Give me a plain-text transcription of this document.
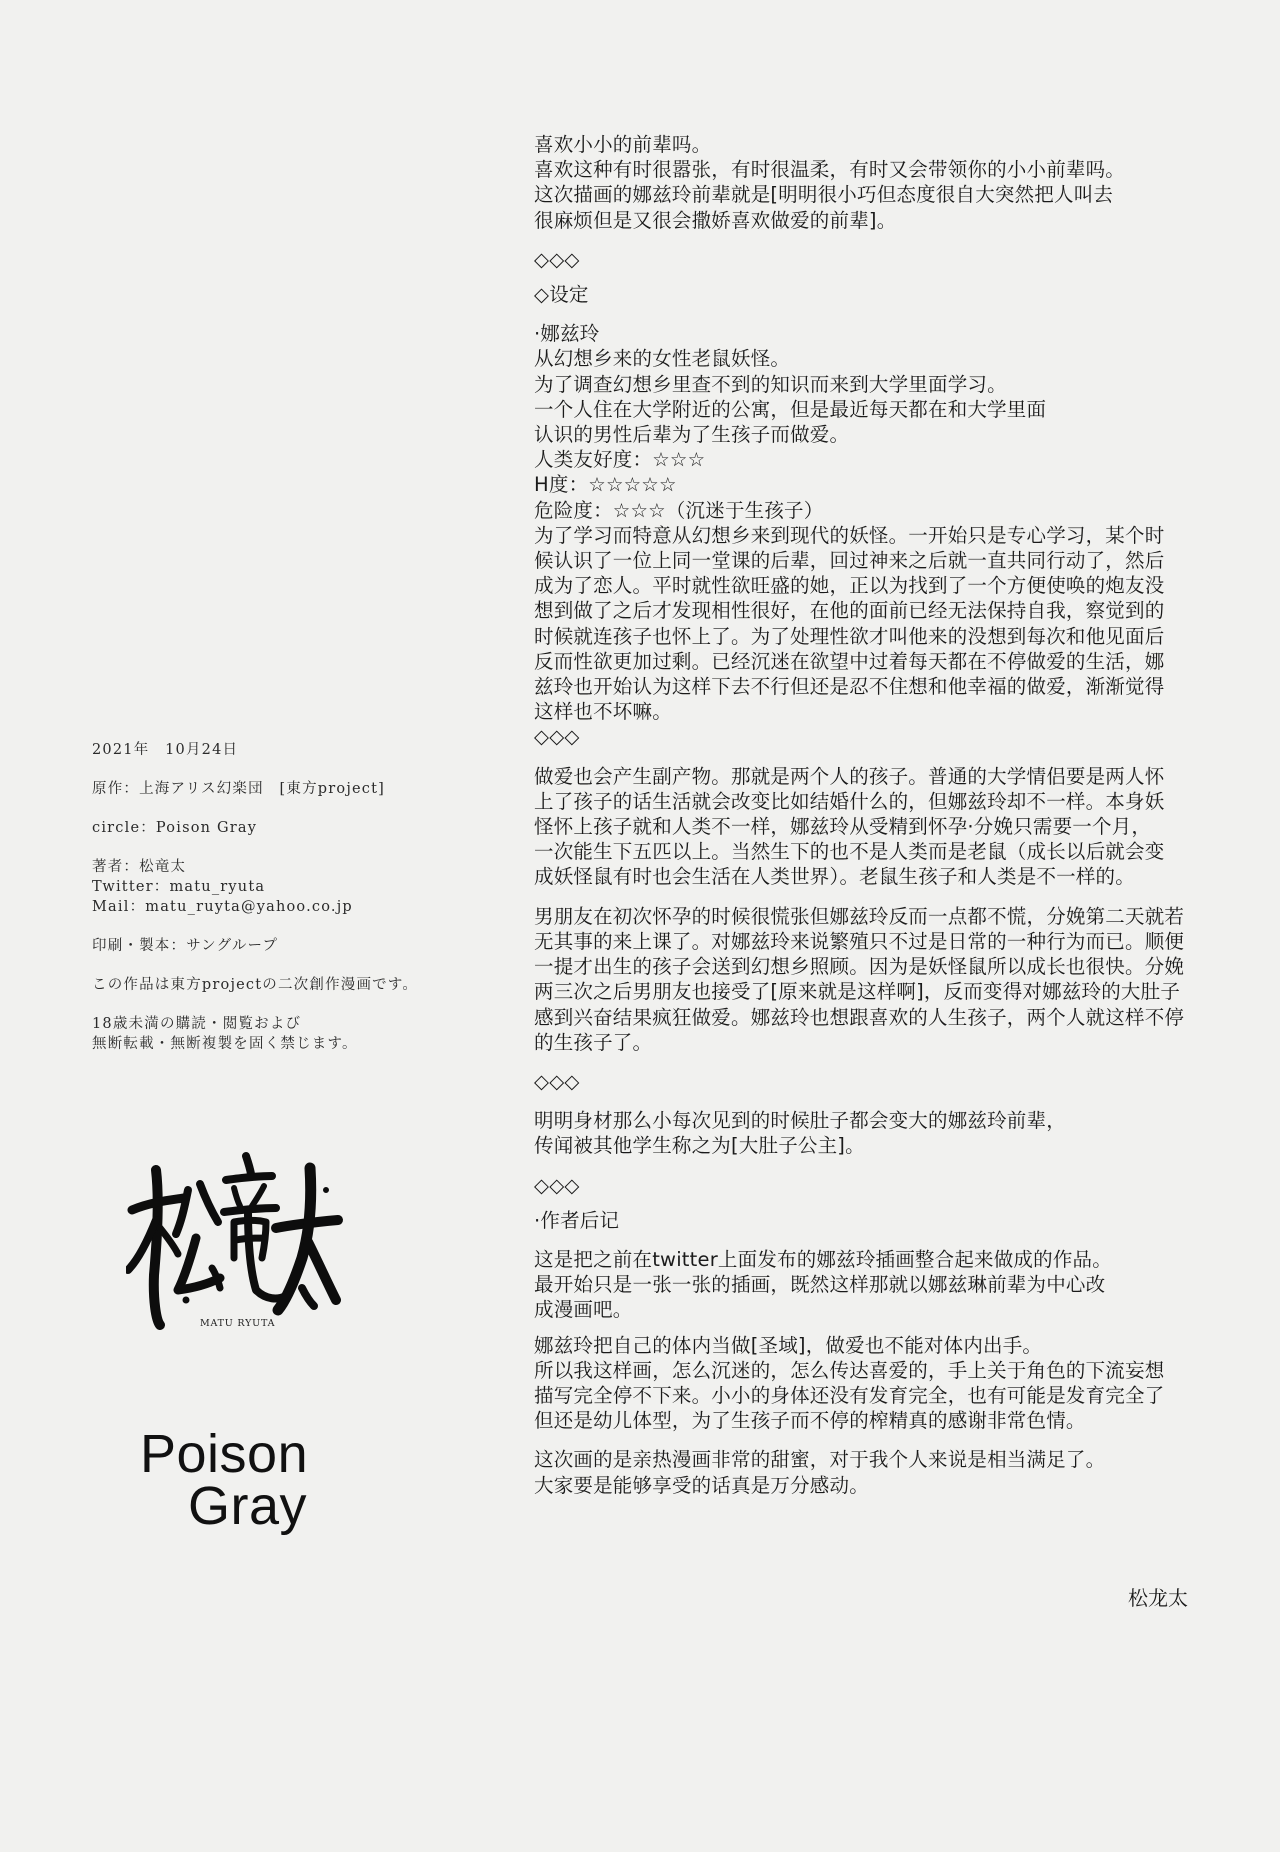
喜欢小小的前辈吗。
喜欢这种有时很嚣张，有时很温柔，有时又会带领你的小小前辈吗。
这次描画的娜兹玲前辈就是[明明很小巧但态度很自大突然把人叫去
很麻烦但是又很会撒娇喜欢做爱的前辈]。

◇◇◇

◇设定

·娜兹玲

从幻想乡来的女性老鼠妖怪。
为了调查幻想乡里查不到的知识而来到大学里面学习。
一个人住在大学附近的公寓，但是最近每天都在和大学里面
认识的男性后辈为了生孩子而做爱。

人类友好度：☆☆☆

H度：☆☆☆☆☆

危险度：☆☆☆（沉迷于生孩子）

为了学习而特意从幻想乡来到现代的妖怪。一开始只是专心学习，某个时
候认识了一位上同一堂课的后辈，回过神来之后就一直共同行动了，然后
成为了恋人。平时就性欲旺盛的她，正以为找到了一个方便使唤的炮友没
想到做了之后才发现相性很好，在他的面前已经无法保持自我，察觉到的
时候就连孩子也怀上了。为了处理性欲才叫他来的没想到每次和他见面后
反而性欲更加过剩。已经沉迷在欲望中过着每天都在不停做爱的生活，娜
兹玲也开始认为这样下去不行但还是忍不住想和他幸福的做爱，渐渐觉得
这样也不坏嘛。

◇◇◇

做爱也会产生副产物。那就是两个人的孩子。普通的大学情侣要是两人怀
上了孩子的话生活就会改变比如结婚什么的，但娜兹玲却不一样。本身妖
怪怀上孩子就和人类不一样，娜兹玲从受精到怀孕·分娩只需要一个月，
一次能生下五匹以上。当然生下的也不是人类而是老鼠（成长以后就会变
成妖怪鼠有时也会生活在人类世界）。老鼠生孩子和人类是不一样的。

男朋友在初次怀孕的时候很慌张但娜兹玲反而一点都不慌，分娩第二天就若
无其事的来上课了。对娜兹玲来说繁殖只不过是日常的一种行为而已。顺便
一提才出生的孩子会送到幻想乡照顾。因为是妖怪鼠所以成长也很快。分娩
两三次之后男朋友也接受了[原来就是这样啊]，反而变得对娜兹玲的大肚子
感到兴奋结果疯狂做爱。娜兹玲也想跟喜欢的人生孩子，两个人就这样不停
的生孩子了。

◇◇◇

明明身材那么小每次见到的时候肚子都会变大的娜兹玲前辈，
传闻被其他学生称之为[大肚子公主]。

◇◇◇

·作者后记

这是把之前在twitter上面发布的娜兹玲插画整合起来做成的作品。
最开始只是一张一张的插画，既然这样那就以娜兹琳前辈为中心改
成漫画吧。

娜兹玲把自己的体内当做[圣域]，做爱也不能对体内出手。
所以我这样画，怎么沉迷的，怎么传达喜爱的，手上关于角色的下流妄想
描写完全停不下来。小小的身体还没有发育完全，也有可能是发育完全了
但还是幼儿体型，为了生孩子而不停的榨精真的感谢非常色情。

这次画的是亲热漫画非常的甜蜜，对于我个人来说是相当满足了。
大家要是能够享受的话真是万分感动。

松龙太

2021年　10月24日

原作：上海アリス幻楽団　[東方project]

circle：Poison Gray

著者：松竜太

Twitter：matu_ryuta

Mail：matu_ruyta@yahoo.co.jp

印刷・製本：サングループ

この作品は東方projectの二次創作漫画です。

18歳未満の購読・閲覧および
無断転載・無断複製を固く禁じます。

MATU RYUTA
Poison
Gray
